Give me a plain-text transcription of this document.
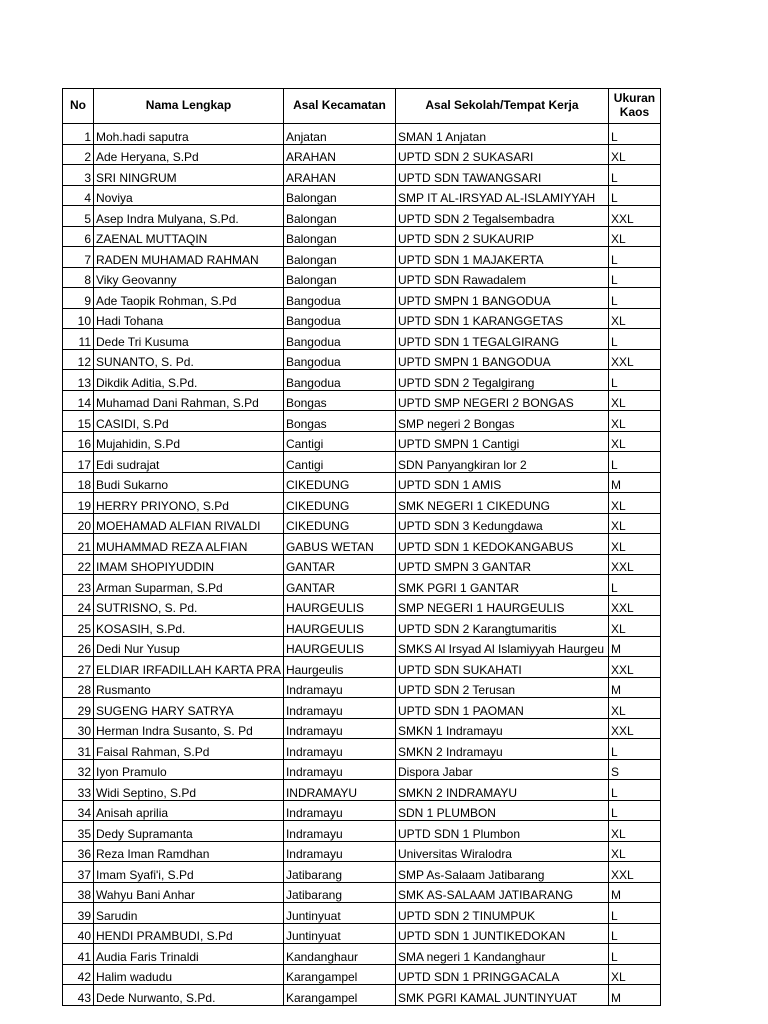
No	Nama Lengkap	Asal Kecamatan	Asal Sekolah/Tempat Kerja	Ukuran Kaos
1	Moh.hadi saputra	Anjatan	SMAN 1 Anjatan	L
2	Ade Heryana, S.Pd	ARAHAN	UPTD SDN 2 SUKASARI	XL
3	SRI NINGRUM	ARAHAN	UPTD SDN TAWANGSARI	L
4	Noviya	Balongan	SMP IT AL-IRSYAD AL-ISLAMIYYAH	L
5	Asep Indra Mulyana, S.Pd.	Balongan	UPTD SDN 2 Tegalsembadra	XXL
6	ZAENAL MUTTAQIN	Balongan	UPTD SDN 2 SUKAURIP	XL
7	RADEN MUHAMAD RAHMAN	Balongan	UPTD SDN 1 MAJAKERTA	L
8	Viky Geovanny	Balongan	UPTD SDN Rawadalem	L
9	Ade Taopik Rohman, S.Pd	Bangodua	UPTD SMPN 1 BANGODUA	L
10	Hadi Tohana	Bangodua	UPTD SDN 1 KARANGGETAS	XL
11	Dede Tri Kusuma	Bangodua	UPTD SDN 1 TEGALGIRANG	L
12	SUNANTO, S. Pd.	Bangodua	UPTD SMPN 1 BANGODUA	XXL
13	Dikdik Aditia, S.Pd.	Bangodua	UPTD SDN 2 Tegalgirang	L
14	Muhamad Dani Rahman, S.Pd	Bongas	UPTD SMP NEGERI 2 BONGAS	XL
15	CASIDI, S.Pd	Bongas	SMP negeri 2 Bongas	XL
16	Mujahidin, S.Pd	Cantigi	UPTD SMPN 1 Cantigi	XL
17	Edi sudrajat	Cantigi	SDN Panyangkiran lor 2	L
18	Budi Sukarno	CIKEDUNG	UPTD SDN 1 AMIS	M
19	HERRY PRIYONO, S.Pd	CIKEDUNG	SMK NEGERI 1 CIKEDUNG	XL
20	MOEHAMAD ALFIAN RIVALDI	CIKEDUNG	UPTD SDN 3 Kedungdawa	XL
21	MUHAMMAD REZA ALFIAN	GABUS WETAN	UPTD SDN 1 KEDOKANGABUS	XL
22	IMAM SHOPIYUDDIN	GANTAR	UPTD SMPN 3 GANTAR	XXL
23	Arman Suparman, S.Pd	GANTAR	SMK PGRI 1 GANTAR	L
24	SUTRISNO, S. Pd.	HAURGEULIS	SMP NEGERI 1 HAURGEULIS	XXL
25	KOSASIH, S.Pd.	HAURGEULIS	UPTD SDN 2 Karangtumaritis	XL
26	Dedi Nur Yusup	HAURGEULIS	SMKS Al Irsyad Al Islamiyyah Haurgeu	M
27	ELDIAR IRFADILLAH KARTA PRA	Haurgeulis	UPTD SDN SUKAHATI	XXL
28	Rusmanto	Indramayu	UPTD SDN 2 Terusan	M
29	SUGENG HARY SATRYA	Indramayu	UPTD SDN 1 PAOMAN	XL
30	Herman Indra Susanto, S. Pd	Indramayu	SMKN 1 Indramayu	XXL
31	Faisal Rahman, S.Pd	Indramayu	SMKN 2 Indramayu	L
32	Iyon Pramulo	Indramayu	Dispora Jabar	S
33	Widi Septino, S.Pd	INDRAMAYU	SMKN 2 INDRAMAYU	L
34	Anisah aprilia	Indramayu	SDN 1 PLUMBON	L
35	Dedy Supramanta	Indramayu	UPTD SDN 1 Plumbon	XL
36	Reza Iman Ramdhan	Indramayu	Universitas Wiralodra	XL
37	Imam Syafi'i, S.Pd	Jatibarang	SMP As-Salaam Jatibarang	XXL
38	Wahyu Bani Anhar	Jatibarang	SMK AS-SALAAM JATIBARANG	M
39	Sarudin	Juntinyuat	UPTD SDN 2 TINUMPUK	L
40	HENDI PRAMBUDI, S.Pd	Juntinyuat	UPTD SDN 1 JUNTIKEDOKAN	L
41	Audia Faris Trinaldi	Kandanghaur	SMA negeri 1 Kandanghaur	L
42	Halim wadudu	Karangampel	UPTD SDN 1 PRINGGACALA	XL
43	Dede Nurwanto, S.Pd.	Karangampel	SMK PGRI KAMAL JUNTINYUAT	M
